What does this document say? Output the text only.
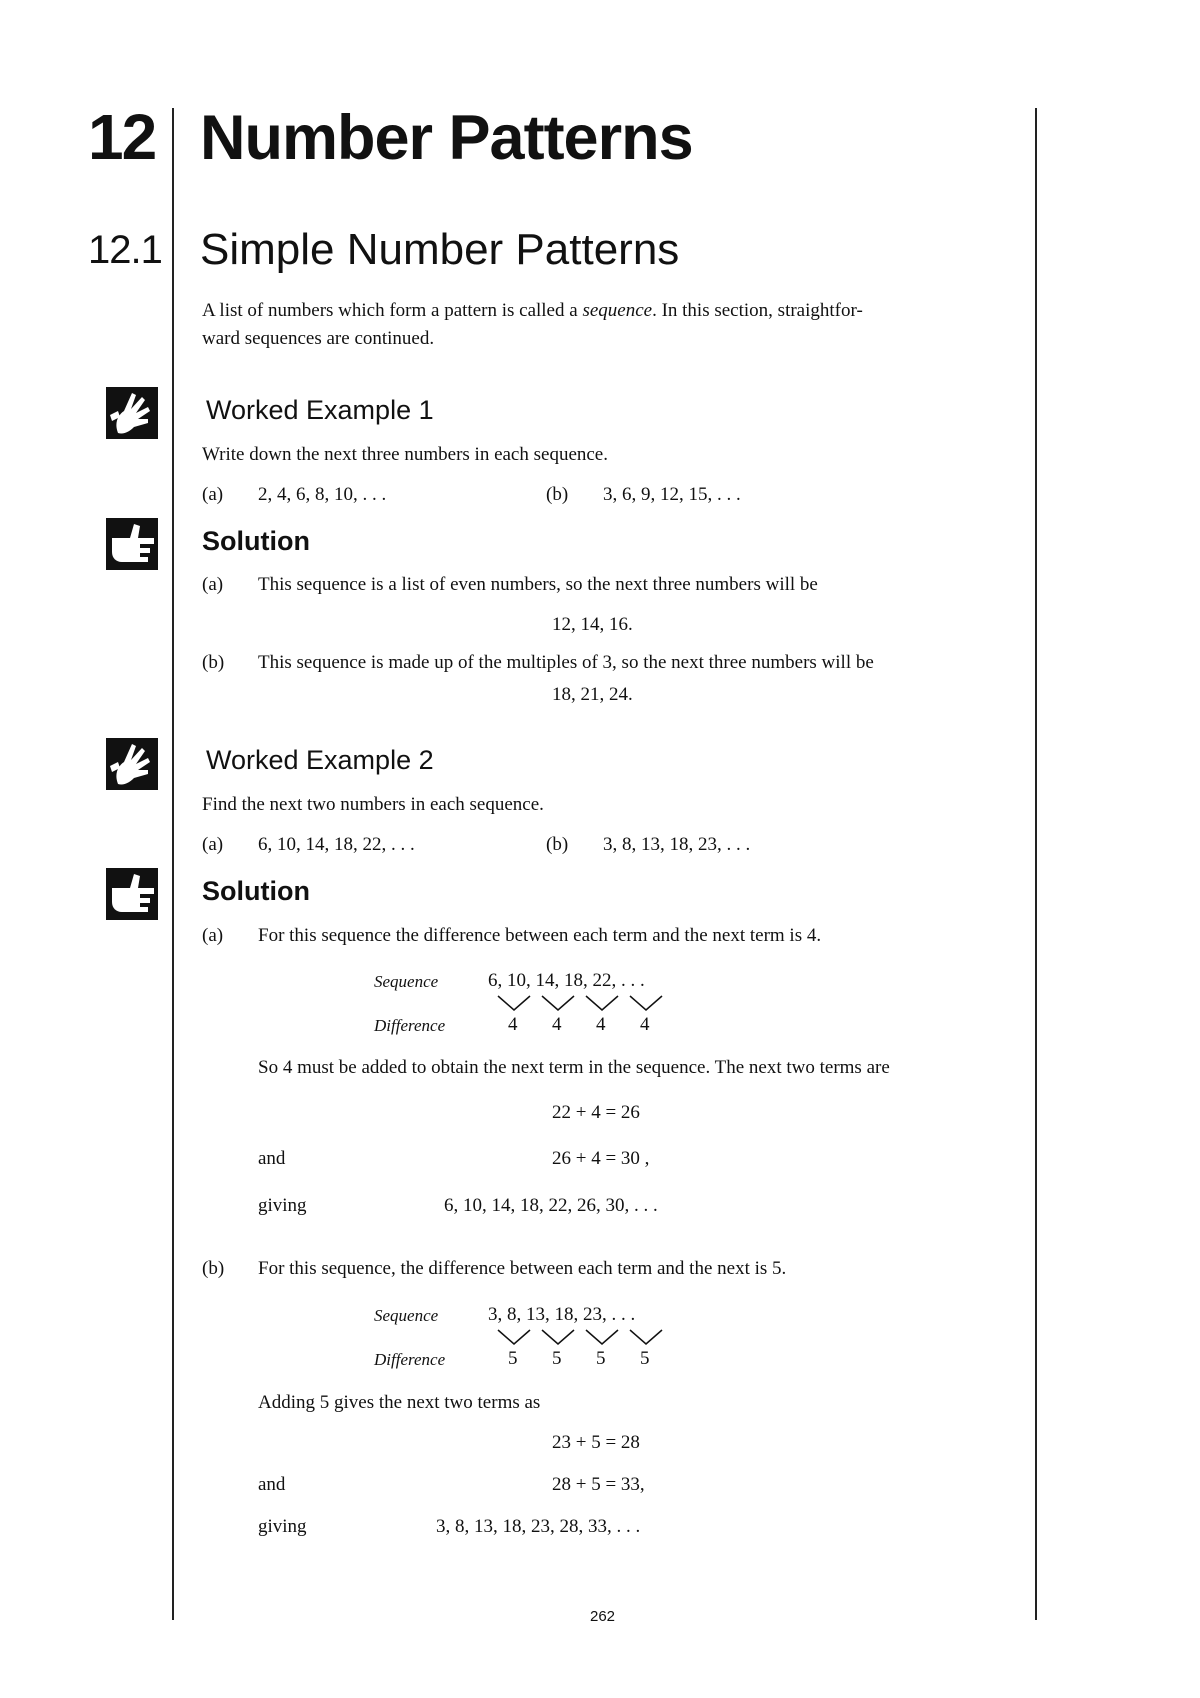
12 Number Patterns
12.1 Simple Number Patterns
A list of numbers which form a pattern is called a sequence. In this section, straightfor-
ward sequences are continued.
Worked Example 1
Write down the next three numbers in each sequence.
(a) 2, 4, 6, 8, 10, . . .	(b) 3, 6, 9, 12, 15, . . .
Solution
(a) This sequence is a list of even numbers, so the next three numbers will be
12, 14, 16.
(b) This sequence is made up of the multiples of 3, so the next three numbers will be
18, 21, 24.
Worked Example 2
Find the next two numbers in each sequence.
(a) 6, 10, 14, 18, 22, . . .	(b) 3, 8, 13, 18, 23, . . .
Solution
(a) For this sequence the difference between each term and the next term is 4.
Sequence	6, 10, 14, 18, 22, . . .
Difference	4 4 4 4
So 4 must be added to obtain the next term in the sequence. The next two terms are
22 + 4 = 26
and	26 + 4 = 30 ,
giving	6, 10, 14, 18, 22, 26, 30, . . .
(b) For this sequence, the difference between each term and the next is 5.
Sequence	3, 8, 13, 18, 23, . . .
Difference	5 5 5 5
Adding 5 gives the next two terms as
23 + 5 = 28
and	28 + 5 = 33,
giving	3, 8, 13, 18, 23, 28, 33, . . .
262
